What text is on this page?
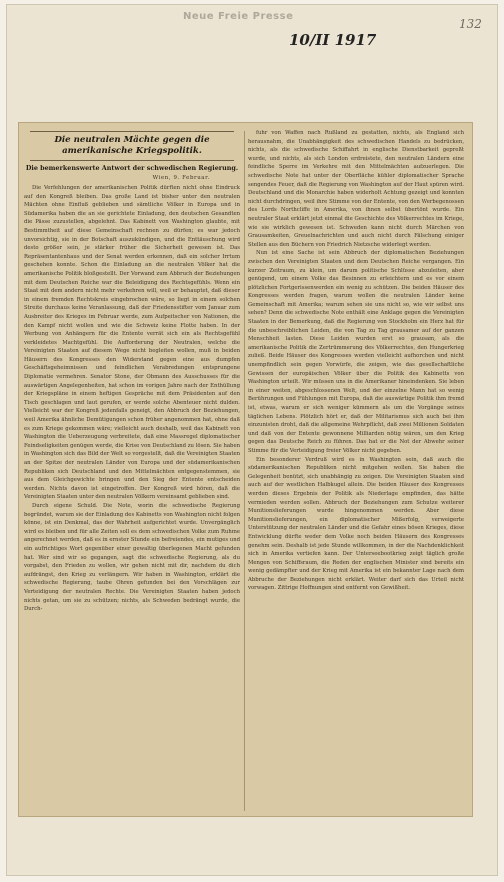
Neue Freie Presse
10/II 1917
132
Die neutralen Mächte gegen die amerikanische Kriegspolitik.
Die bemerkenswerte Antwort der schwedischen Regierung.
Wien, 9. Februar.

Die Verfehlungen der amerikanischen Politik dürften nicht ohne Eindruck auf den Kongreß bleiben. Das große Land ist bisher unter den neutralen Mächten ohne Einfluß geblieben und sämtliche Völker in Europa und in Südamerika haben die an sie gerichtete Einladung, den deutschen Gesandten die Pässe zuzustellen, abgelehnt. Das Kabinett von Washington glaubte, mit Bestimmtheit auf diese Gemeinschaft rechnen zu dürfen; es war jedoch unvorsichtig, sie in der Botschaft auszukündigen, und die Enttäuschung wird desto größer sein, je stärker früher die Sicherheit gewesen ist. Das Repräsentantenhaus und der Senat werden erkennen, daß ein solcher Irrtum geschehen konnte. Schon die Einladung an die neutralen Völker hat die amerikanische Politik bloßgestellt. Der Vorwand zum Abbruch der Beziehungen mit dem Deutschen Reiche war die Beleidigung des Rechtsgefühls. Wenn ein Staat mit dem andern nicht mehr verkehren will, weil er behauptet, daß dieser in einem fremden Rechtskreis eingebrochen wäre, so liegt in einem solchen Streite durchaus keine Veranlassung, daß der Friedensstifter vom Januar zum Ausbreiter des Krieges im Februar werde, zum Aufpeitscher von Nationen, die den Kampf nicht wollen und wie die Schweiz keine Flotte haben. In der Werbung von Anhängern für die Entente verrät sich ein als Rechtsgefühl verkleidetes Machtgefühl. Die Aufforderung der Neutralen, welche die Vereinigten Staaten auf diesem Wege nicht begleiten wollen, muß in beiden Häusern des Kongresses den Widerstand gegen eine aus dumpfen Geschäftsgeheimnissen und feindlichen Verabredungen entsprungene Diplomatie vermehren. Senator Stone, der Obmann des Ausschusses für die auswärtigen Angelegenheiten, hat schon im vorigen Jahre nach der Enthüllung der Kriegspläne in einem heftigen Gespräche mit dem Präsidenten auf den Tisch geschlagen und laut gerufen, er werde solche Abenteuer nicht dulden. Vielleicht war der Kongreß jedenfalls geneigt, den Abbruch der Beziehungen, weil Amerika ähnliche Demütigungen schon früher angenommen hat, ohne daß es zum Kriege gekommen wäre; vielleicht auch deshalb, weil das Kabinett von Washington die Ueberzeugung verbreitete, daß eine Massregel diplomatischer Feindseligkeiten genügen werde, die Krise von Deutschland zu lösen. Sie haben in Washington sich das Bild der Welt so vorgestellt, daß die Vereinigten Staaten an der Spitze der neutralen Länder von Europa und der südamerikanischen Republiken sich Deutschland und den Mittelmächten entgegenstemmen, sie aus dem Gleichgewichte bringen und den Sieg der Entente entscheiden werden. Nichts davon ist eingetroffen. Der Kongreß wird hören, daß die Vereinigten Staaten unter den neutralen Völkern vereinsamt geblieben sind.

Durch eigene Schuld. Die Note, worin die schwedische Regierung begründet, warum sie der Einladung des Kabinetts von Washington nicht folgen könne, ist ein Denkmal, das der Wahrheit aufgerichtet wurde. Unvergänglich wird es bleiben und für alle Zeiten soll es dem schwedischen Volke zum Ruhme angerechnet werden, daß es in ernster Stunde ein befreiendes, ein mutiges und ein aufrichtiges Wort gegenüber einer gewaltig überlegenen Macht gefunden hat. Wer sind wir so gegangen, sagt die schwedische Regierung, als du vorgabst, den Frieden zu wollen, wir gehen nicht mit dir, nachdem du dich aufdrängst, den Krieg zu verlängern. Wir haben in Washington, erklärt die schwedische Regierung, taube Ohren gefunden bei den Vorschlägen zur Verteidigung der neutralen Rechte. Die Vereinigten Staaten haben jedoch nichts getan, um sie zu schützen; nichts, als Schweden bedrängt wurde, die Durch-

fuhr von Waffen nach Rußland zu gestatten, nichts, als England sich herausnahm, die Unabhängigkeit des schwedischen Handels zu bedrücken, nichts, als die schwedische Schiffahrt in englische Dienstbarkeit gepreßt wurde, und nichts, als sich London erdreistete, den neutralen Ländern eine feindliche Sperre im Verkehre mit den Mittelmächten aufzuerlegen. Die schwedische Note hat unter der Oberfläche kühler diplomatischer Sprache sengendes Feuer, daß die Regierung von Washington auf der Haut spüren wird. Deutschland und die Monarchie haben widerholt Achtung gezeigt und konnten nicht durchdringen, weil ihre Stimme von der Entente, von den Werbegenossen des Lords Northcliffe in Amerika, von ihnen selbst übertönt wurde. Ein neutraler Staat erklärt jetzt einmal die Geschichte des Völkerrechtes im Kriege, wie sie wirklich gewesen ist. Schweden kann nicht durch Märchen von Grausamkeiten, Greuelnachrichten und auch nicht durch Fälschung einiger Stellen aus den Büchern von Friedrich Nietzsche widerlegt werden.

Nun ist eine Sache ist sein Abbruch der diplomatischen Beziehungen zwischen den Vereinigten Staaten und dem Deutschen Reiche vergangen. Ein kurzer Zeitraum, zu klein, um darum politische Schlüsse abzuleiten, aber genügend, um einem Volke das Besinnen zu erleichtern und es vor einem plötzlichen Fortgerissenwerden ein wenig zu schützen. Die beiden Häuser des Kongresses werden fragen, warum wollen die neutralen Länder keine Gemeinschaft mit Amerika; warum sehen sie uns nicht so, wie wir selbst uns sehen? Denn die schwedische Note enthält eine Anklage gegen die Vereinigten Staaten in der Bemerkung, daß die Regierung von Stockholm ein Herz hat für die unbeschreiblichen Leiden, die von Tag zu Tag grausamer auf der ganzen Menschheit lasten. Diese Leiden wurden erst so grausam, als die amerikanische Politik die Zertrümmerung des Völkerrechtes, den Hungerkrieg zuließ. Beide Häuser des Kongresses werden vielleicht aufhorchen und nicht unempfindlich sein gegen Vorwürfe, die zeigen, wie das gesellschaftliche Gewissen der europäischen Völker über die Politik des Kabinetts von Washington urteilt. Wir müssen uns in die Amerikaner hineindenken. Sie leben in einer weiten, abgeschlossenen Welt, und der einzelne Mann hat so wenig Berührungen und Fühlungen mit Europa, daß die auswärtige Politik ihm fremd ist, etwas, warum er sich weniger kümmern als um die Vorgänge seines täglichen Lebens. Plötzlich hört er, daß der Militarismus sich auch bei ihm einzunisten droht, daß die allgemeine Wehrpflicht, daß zwei Millionen Soldaten und daß von der Entente gewonnene Milliarden nötig wären, um den Krieg gegen das Deutsche Reich zu führen. Das hat er die Not der Abwehr seiner Stimme für die Verteidigung freier Völker nicht gegeben.

Ein besonderer Verdruß wird es in Washington sein, daß auch die südamerikanischen Republiken nicht mitgehen wollen. Sie haben die Gelegenheit benützt, sich unabhängig zu zeigen. Die Vereinigten Staaten sind auch auf der westlichen Halbkugel allein. Die beiden Häuser des Kongresses werden dieses Ergebnis der Politik als Niederlage empfinden, das hätte vermieden werden sollen. Abbruch der Beziehungen zum Schutze weiterer Munitionslieferungen wurde hingenommen werden. Aber diese Munitionslieferungen, ein diplomatischer Mißerfolg, verweigerte Unterstützung der neutralen Länder und die Gefahr eines bösen Krieges, diese Entwicklung dürfte weder dem Volke noch beiden Häusern des Kongresses genehm sein. Deshalb ist jede Stunde willkommen, in der die Nachdenklichkeit sich in Amerika vertiefen kann. Der Unterseebootkrieg zeigt täglich große Mengen von Schiffsraum, die Reden der englischen Minister sind bereits ein wenig gedämpfter und der Krieg mit Amerika ist ein bekannter Lage nach dem Abbruche der Beziehungen nicht erklärt. Weiter darf sich das Urteil nicht vorwagen. Zittrige Hoffnungen sind entfernt von Gewißheit.
